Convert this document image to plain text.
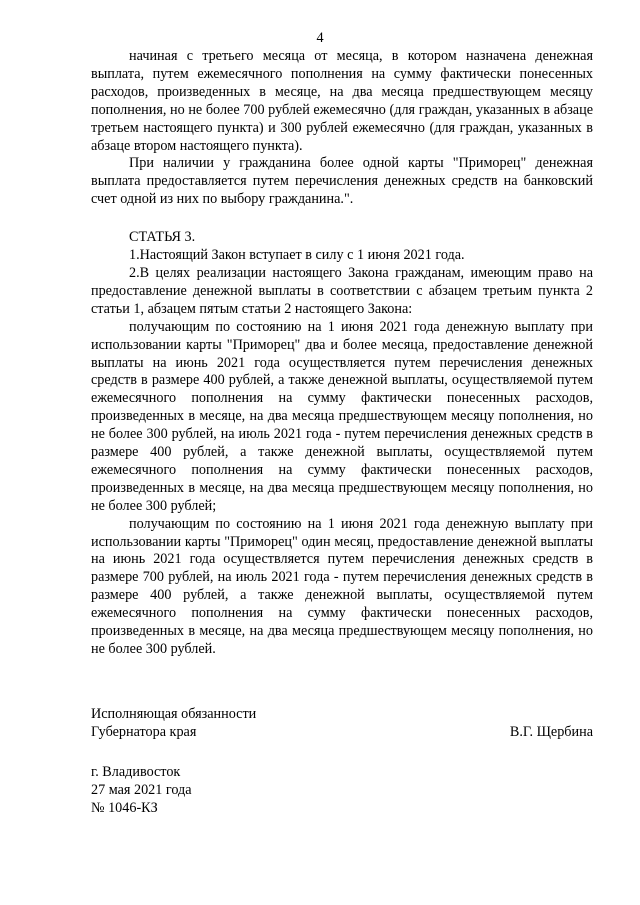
4

начиная с третьего месяца от месяца, в котором назначена денежная выплата, путем ежемесячного пополнения на сумму фактически понесенных расходов, произведенных в месяце, на два месяца предшествующем месяцу пополнения, но не более 700 рублей ежемесячно (для граждан, указанных в абзаце третьем настоящего пункта) и 300 рублей ежемесячно (для граждан, указанных в абзаце втором настоящего пункта).

При наличии у гражданина более одной карты "Приморец" денежная выплата предоставляется путем перечисления денежных средств на банковский счет одной из них по выбору гражданина.".

СТАТЬЯ 3.

1.Настоящий Закон вступает в силу с 1 июня 2021 года.

2.В целях реализации настоящего Закона гражданам, имеющим право на предоставление денежной выплаты в соответствии с абзацем третьим пункта 2 статьи 1, абзацем пятым статьи 2 настоящего Закона:

получающим по состоянию на 1 июня 2021 года денежную выплату при использовании карты "Приморец" два и более месяца, предоставление денежной выплаты на июнь 2021 года осуществляется путем перечисления денежных средств в размере 400 рублей, а также денежной выплаты, осуществляемой путем ежемесячного пополнения на сумму фактически понесенных расходов, произведенных в месяце, на два месяца предшествующем месяцу пополнения, но не более 300 рублей, на июль 2021 года - путем перечисления денежных средств в размере 400 рублей, а также денежной выплаты, осуществляемой путем ежемесячного пополнения на сумму фактически понесенных расходов, произведенных в месяце, на два месяца предшествующем месяцу пополнения, но не более 300 рублей;

получающим по состоянию на 1 июня 2021 года денежную выплату при использовании карты "Приморец" один месяц, предоставление денежной выплаты на июнь 2021 года осуществляется путем перечисления денежных средств в размере 700 рублей, на июль 2021 года - путем перечисления денежных средств в размере 400 рублей, а также денежной выплаты, осуществляемой путем ежемесячного пополнения на сумму фактически понесенных расходов, произведенных в месяце, на два месяца предшествующем месяцу пополнения, но не более 300 рублей.

Исполняющая обязанности
Губернатора края	В.Г. Щербина
г. Владивосток
27 мая 2021 года
№ 1046-КЗ
